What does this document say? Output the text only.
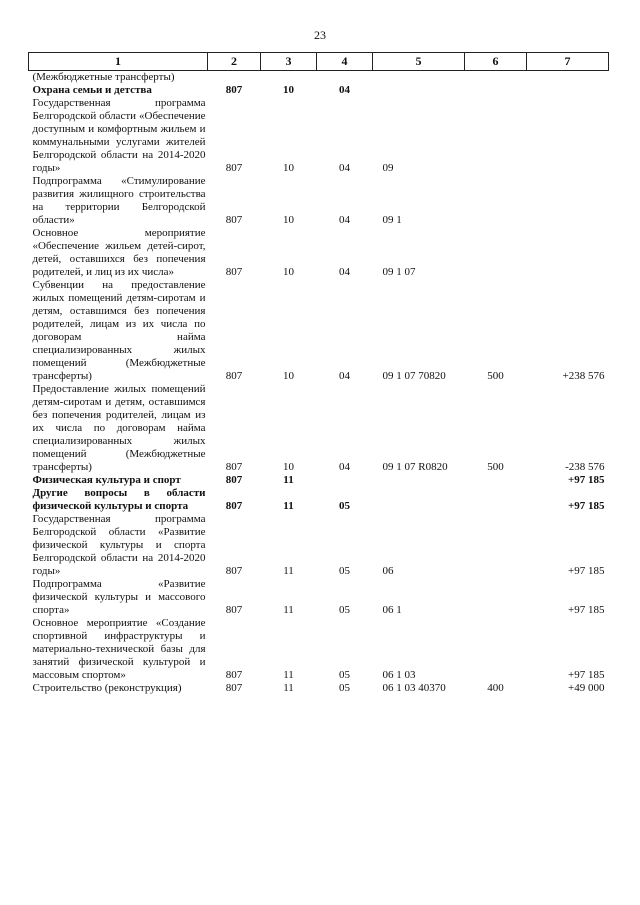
23
1	2	3	4	5	6	7
(Межбюджетные трансферты)						
Охрана семьи и детства	807	10	04			
Государственная программа Белгородской области «Обеспечение доступным и комфортным жильем и коммунальными услугами жителей Белгородской области на 2014-2020 годы»	807	10	04	09		
Подпрограмма «Стимулирование развития жилищного строительства на территории Белгородской области»	807	10	04	09 1		
Основное мероприятие «Обеспечение жильем детей-сирот, детей, оставшихся без попечения родителей, и лиц из их числа»	807	10	04	09 1 07		
Субвенции на предоставление жилых помещений детям-сиротам и детям, оставшимся без попечения родителей, лицам из их числа по договорам найма специализированных жилых помещений (Межбюджетные трансферты)	807	10	04	09 1 07 70820	500	+238 576
Предоставление жилых помещений детям-сиротам и детям, оставшимся без попечения родителей, лицам из их числа по договорам найма специализированных жилых помещений (Межбюджетные трансферты)	807	10	04	09 1 07 R0820	500	-238 576
Физическая культура и спорт	807	11				+97 185
Другие вопросы в области физической культуры и спорта	807	11	05			+97 185
Государственная программа Белгородской области «Развитие физической культуры и спорта Белгородской области на 2014-2020 годы»	807	11	05	06		+97 185
Подпрограмма «Развитие физической культуры и массового спорта»	807	11	05	06 1		+97 185
Основное мероприятие «Создание спортивной инфраструктуры и материально-технической базы для занятий физической культурой и массовым спортом»	807	11	05	06 1 03		+97 185
Строительство (реконструкция)	807	11	05	06 1 03 40370	400	+49 000
